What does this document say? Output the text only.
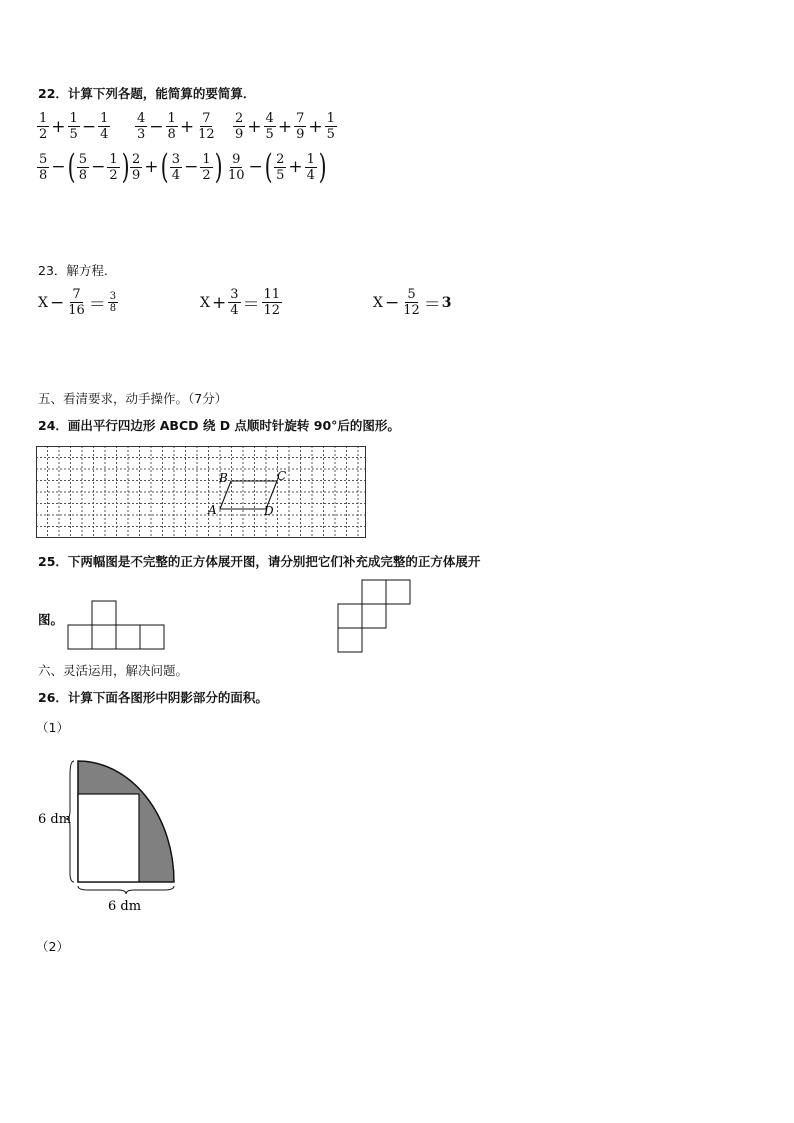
22．计算下列各题，能简算的要简算．
$\frac{1}{2} + \frac{1}{5} - \frac{1}{4} \frac{4}{3} - \frac{1}{8} + \frac{7}{12} \frac{2}{9} + \frac{4}{5} + \frac{7}{9} + \frac{1}{5}$
$\frac{5}{8}$ − ( $\frac{5}{8} - \frac{1}{2}$ ) $\frac{2}{9}$ + ( $\frac{3}{4} - \frac{1}{2}$ ) $\frac{9}{10}$ − ( $\frac{2}{5} + \frac{1}{4}$ )
23．解方程.
$X - \frac{7}{16} = \frac{3}{8}$	$X + \frac{3}{4} = \frac{11}{12}$	$X - \frac{5}{12} = 3$
五、看清要求，动手操作。（7分）
24．画出平行四边形 ABCD 绕 D 点顺时针旋转 90°后的图形。
B	C
A	D
25．下两幅图是不完整的正方体展开图，请分别把它们补充成完整的正方体展开
图。
六、灵活运用，解决问题。
26．计算下面各图形中阴影部分的面积。
（1）
6 dm
6 dm
（2）
